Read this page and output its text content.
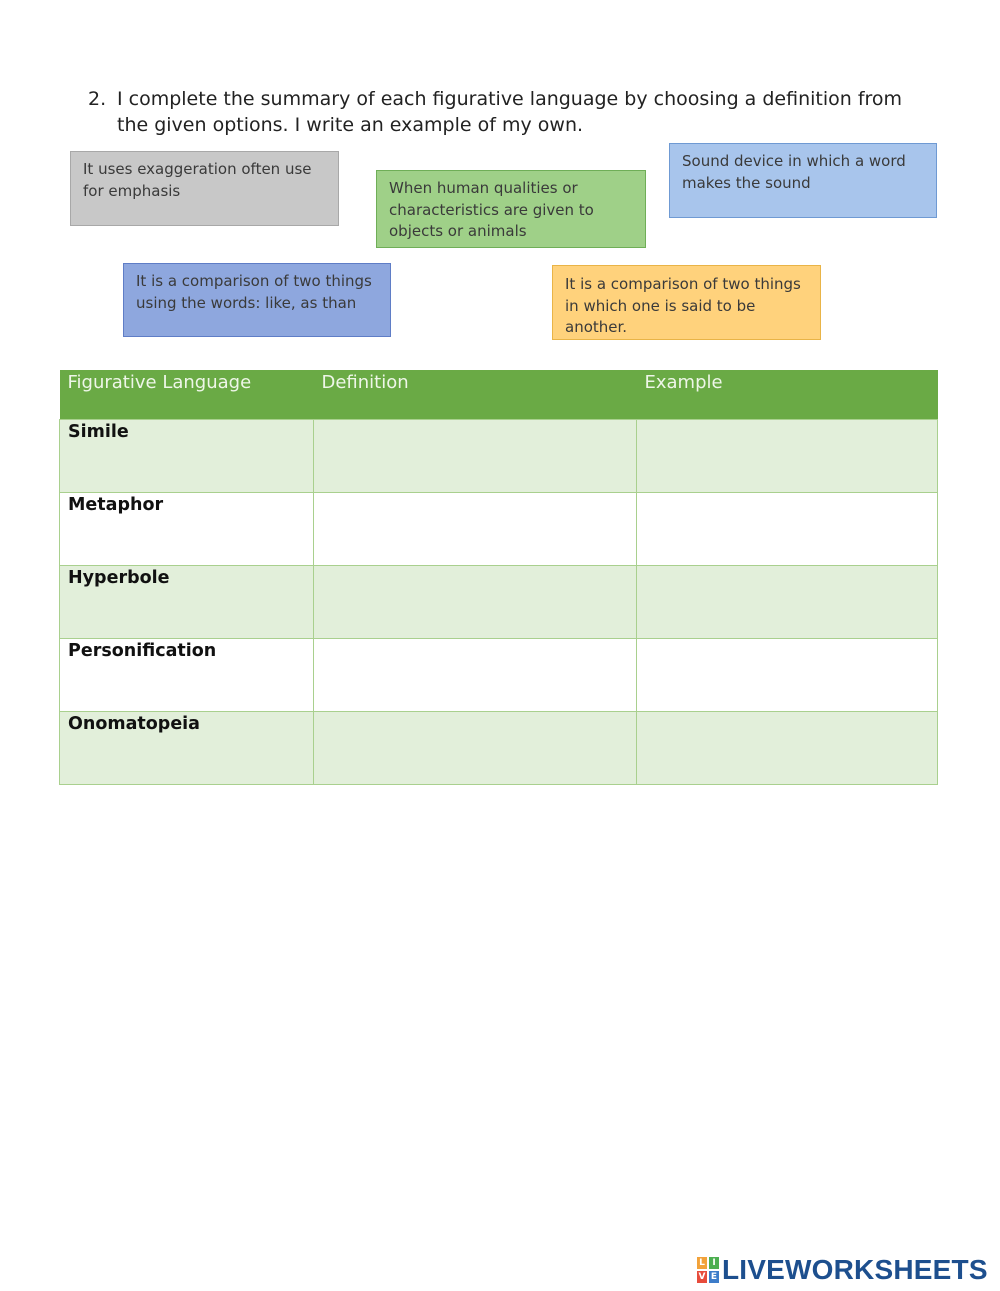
2. I complete the summary of each figurative language by choosing a definition from the given options. I write an example of my own.
It uses exaggeration often use for emphasis	When human qualities or characteristics are given to objects or animals
Sound device in which a word makes the sound
It is a comparison of two things using the words: like, as than
It is a comparison of two things in which one is said to be another.
Figurative Language	Definition	Example
Simile		
Metaphor		
Hyperbole		
Personification		
Onomatopeia		
L I
V E LIVEWORKSHEETS
